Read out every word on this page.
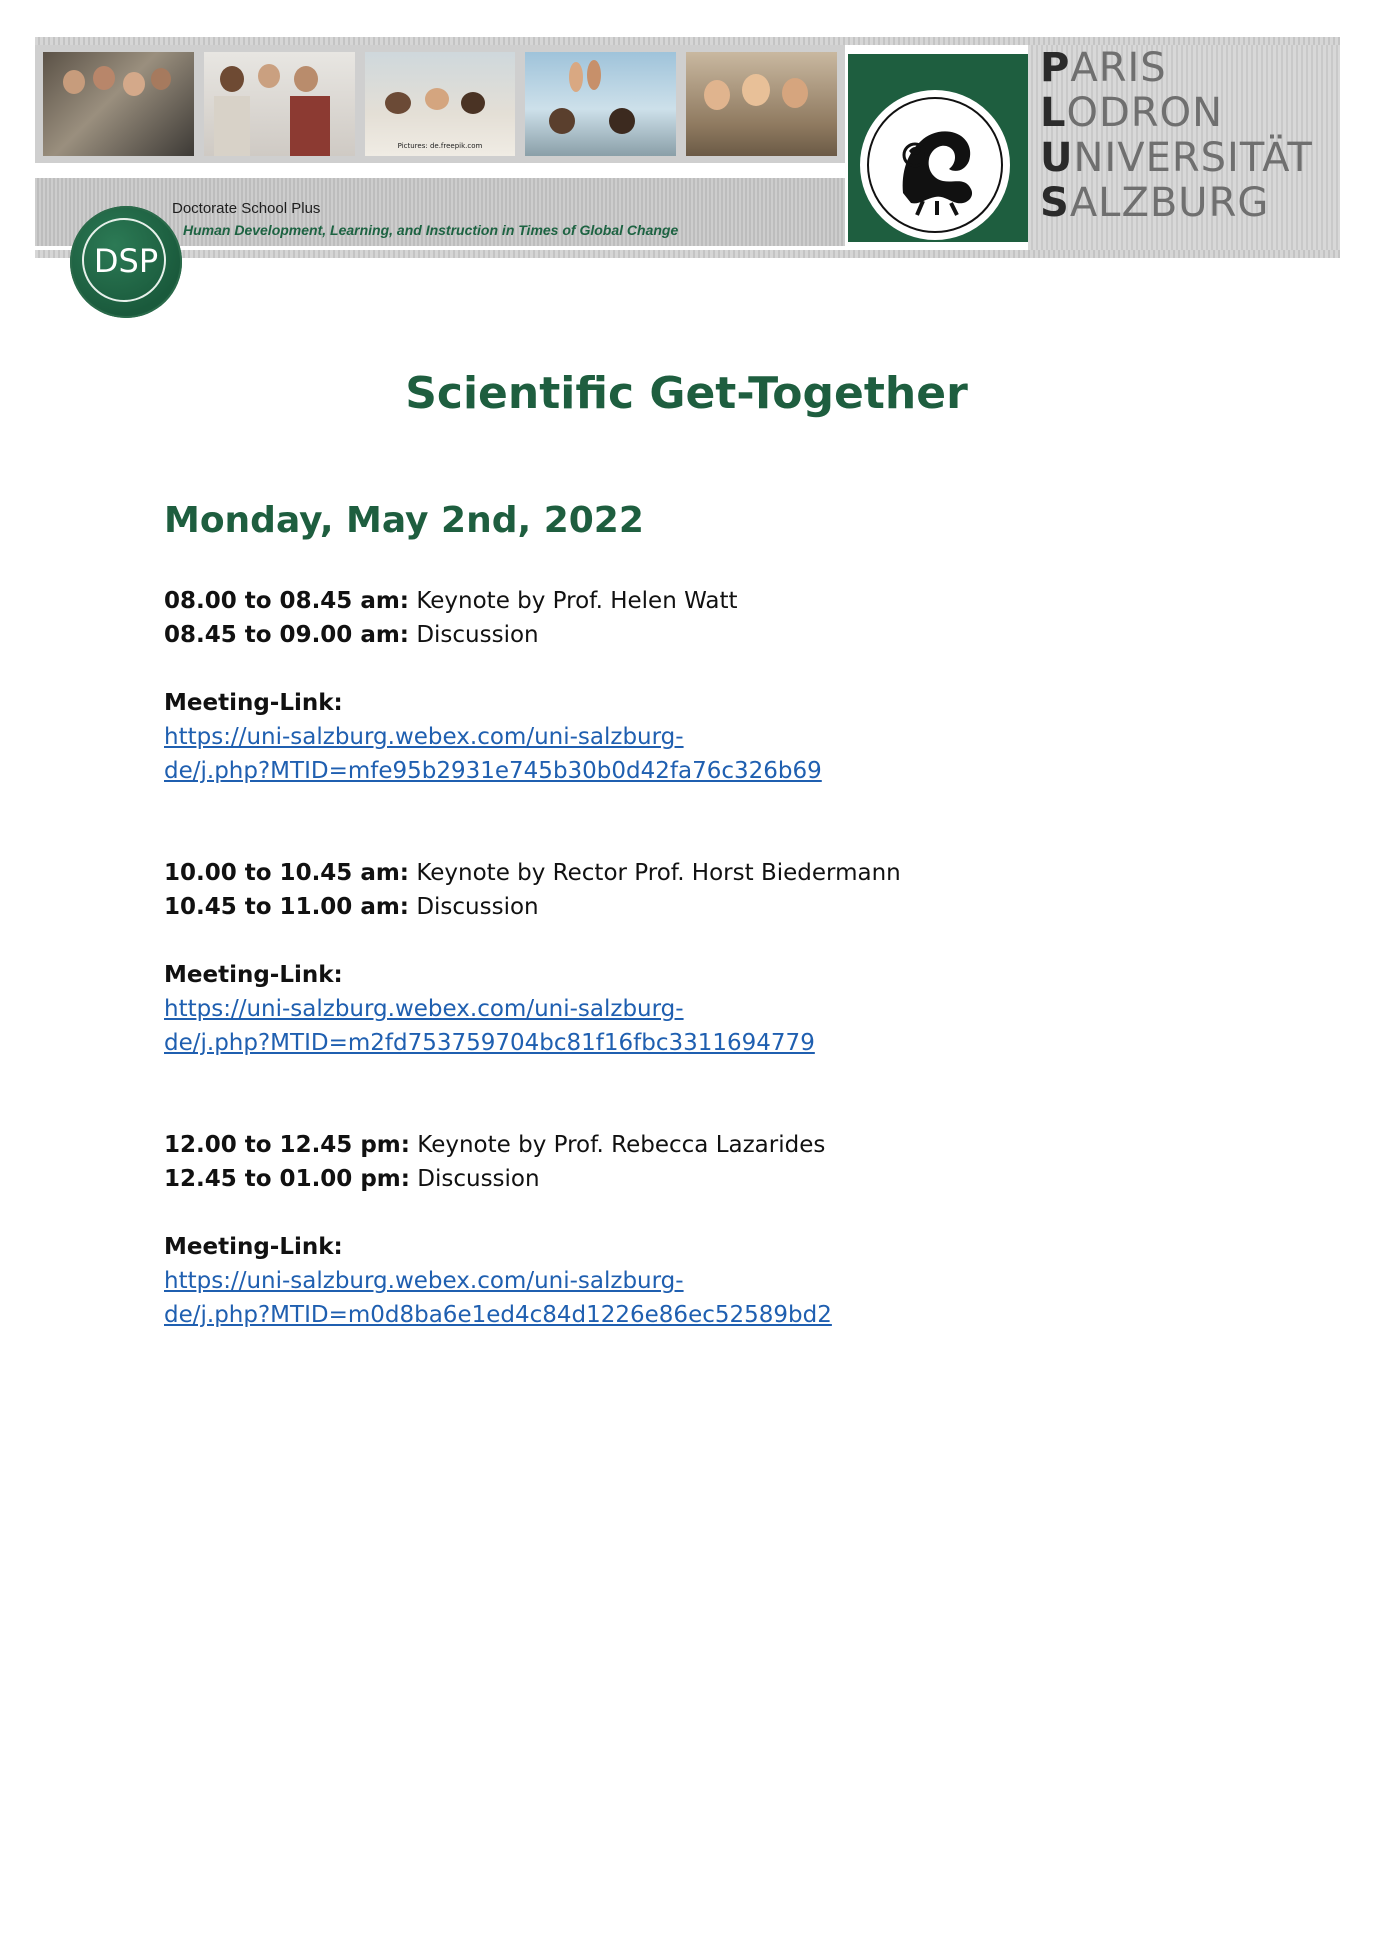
Pictures: de.freepik.com
Doctorate School Plus
Human Development, Learning, and Instruction in Times of Global Change
DSP
PARIS
LODRON
UNIVERSITÄT
SALZBURG
Scientific Get-Together
Monday, May 2nd, 2022
08.00 to 08.45 am: Keynote by Prof. Helen Watt
08.45 to 09.00 am: Discussion
Meeting-Link:
https://uni-salzburg.webex.com/uni-salzburg-
de/j.php?MTID=mfe95b2931e745b30b0d42fa76c326b69
10.00 to 10.45 am: Keynote by Rector Prof. Horst Biedermann
10.45 to 11.00 am: Discussion
Meeting-Link:
https://uni-salzburg.webex.com/uni-salzburg-
de/j.php?MTID=m2fd753759704bc81f16fbc3311694779
12.00 to 12.45 pm: Keynote by Prof. Rebecca Lazarides
12.45 to 01.00 pm: Discussion
Meeting-Link:
https://uni-salzburg.webex.com/uni-salzburg-
de/j.php?MTID=m0d8ba6e1ed4c84d1226e86ec52589bd2
